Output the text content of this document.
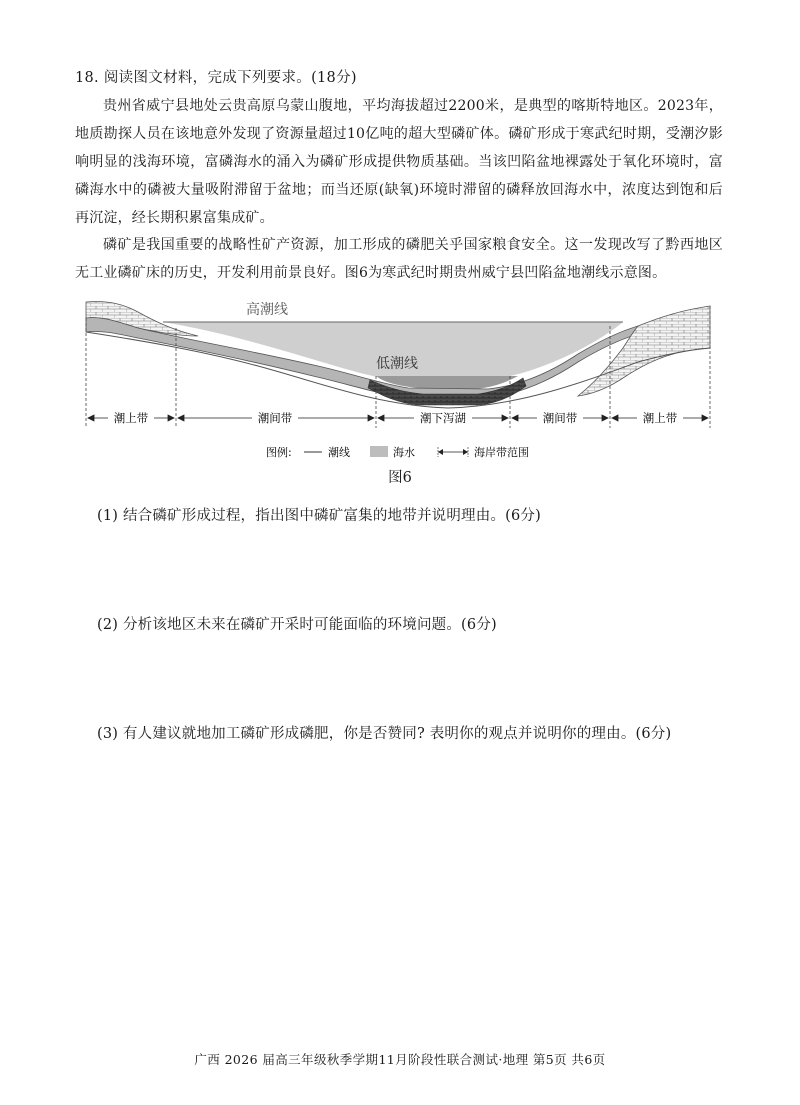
18. 阅读图文材料，完成下列要求。(18分)
贵州省威宁县地处云贵高原乌蒙山腹地，平均海拔超过2200米，是典型的喀斯特地区。2023年，地质勘探人员在该地意外发现了资源量超过10亿吨的超大型磷矿体。磷矿形成于寒武纪时期，受潮汐影响明显的浅海环境，富磷海水的涌入为磷矿形成提供物质基础。当该凹陷盆地裸露处于氧化环境时，富磷海水中的磷被大量吸附滞留于盆地；而当还原(缺氧)环境时滞留的磷释放回海水中，浓度达到饱和后再沉淀，经长期积累富集成矿。
磷矿是我国重要的战略性矿产资源，加工形成的磷肥关乎国家粮食安全。这一发现改写了黔西地区无工业磷矿床的历史，开发利用前景良好。图6为寒武纪时期贵州威宁县凹陷盆地潮线示意图。
高潮线
低潮线
潮上带	潮间带	潮下泻湖	潮间带	潮上带
图例:	潮线	海水	海岸带范围
图6
(1) 结合磷矿形成过程，指出图中磷矿富集的地带并说明理由。(6分)
(2) 分析该地区未来在磷矿开采时可能面临的环境问题。(6分)
(3) 有人建议就地加工磷矿形成磷肥，你是否赞同? 表明你的观点并说明你的理由。(6分)
广西 2026 届高三年级秋季学期11月阶段性联合测试·地理 第5页 共6页
